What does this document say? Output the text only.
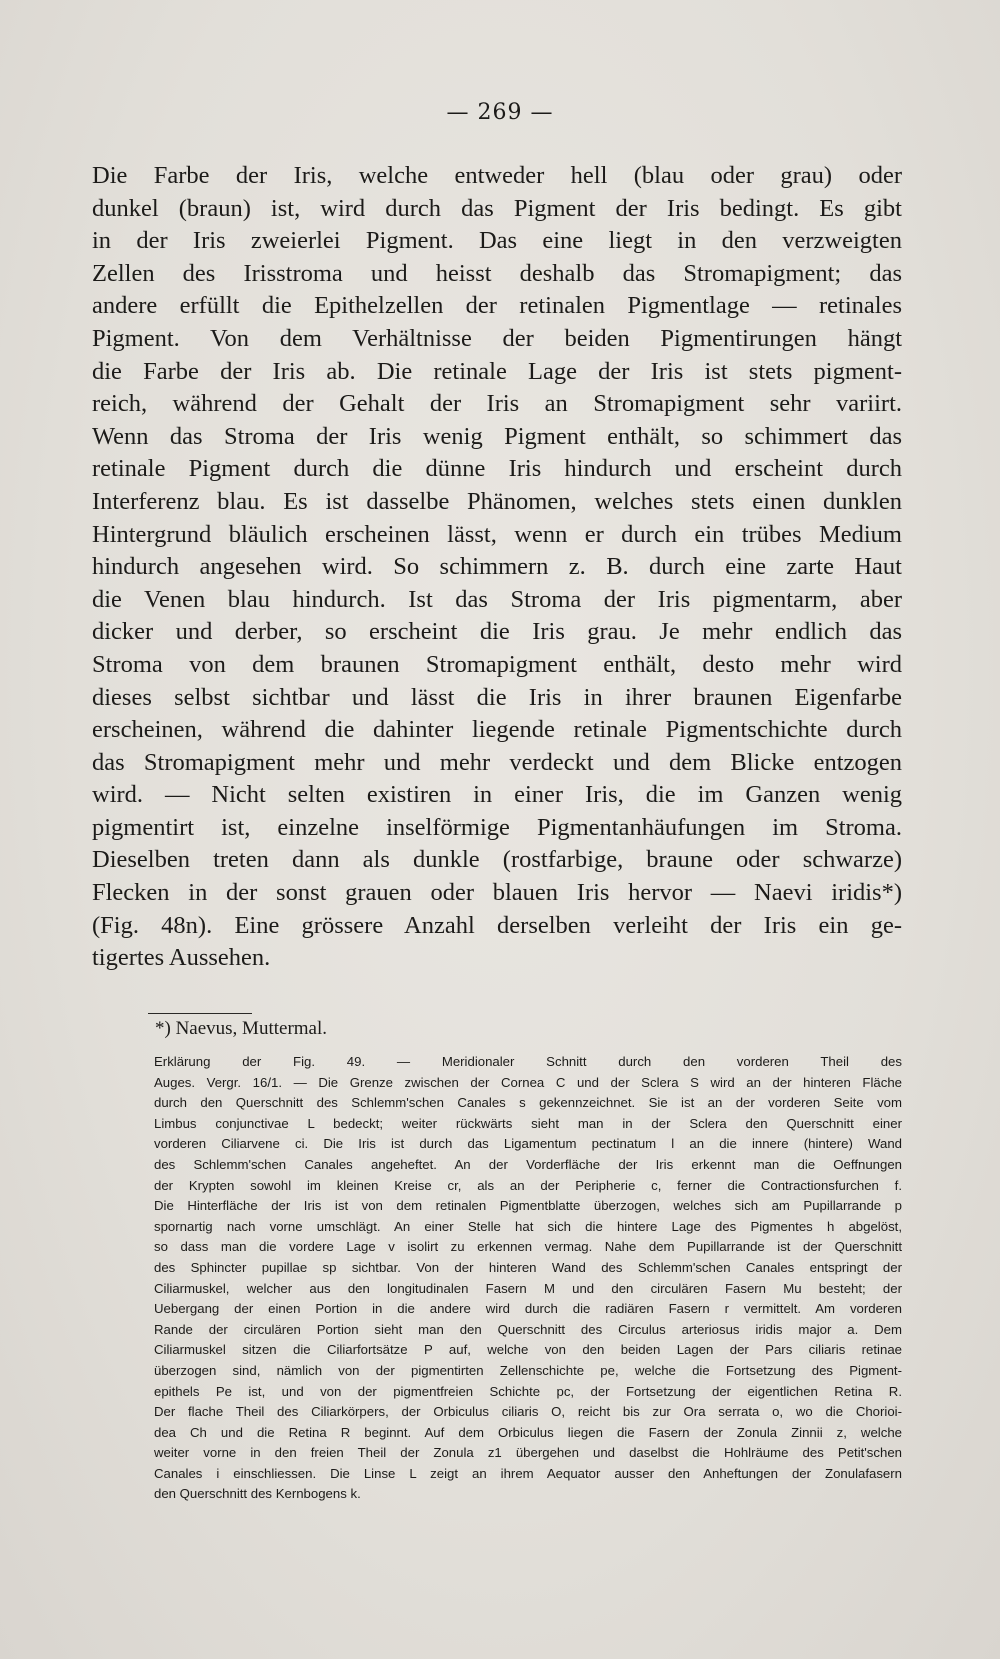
— 269 —
Die Farbe der Iris, welche entweder hell (blau oder grau) oder
dunkel (braun) ist, wird durch das Pigment der Iris bedingt. Es gibt
in der Iris zweierlei Pigment. Das eine liegt in den verzweigten
Zellen des Irisstroma und heisst deshalb das Stromapigment; das
andere erfüllt die Epithelzellen der retinalen Pigmentlage — retinales
Pigment. Von dem Verhältnisse der beiden Pigmentirungen hängt
die Farbe der Iris ab. Die retinale Lage der Iris ist stets pigment-
reich, während der Gehalt der Iris an Stromapigment sehr variirt.
Wenn das Stroma der Iris wenig Pigment enthält, so schimmert das
retinale Pigment durch die dünne Iris hindurch und erscheint durch
Interferenz blau. Es ist dasselbe Phänomen, welches stets einen dunklen
Hintergrund bläulich erscheinen lässt, wenn er durch ein trübes Medium
hindurch angesehen wird. So schimmern z. B. durch eine zarte Haut
die Venen blau hindurch. Ist das Stroma der Iris pigmentarm, aber
dicker und derber, so erscheint die Iris grau. Je mehr endlich das
Stroma von dem braunen Stromapigment enthält, desto mehr wird
dieses selbst sichtbar und lässt die Iris in ihrer braunen Eigenfarbe
erscheinen, während die dahinter liegende retinale Pigmentschichte durch
das Stromapigment mehr und mehr verdeckt und dem Blicke entzogen
wird. — Nicht selten existiren in einer Iris, die im Ganzen wenig
pigmentirt ist, einzelne inselförmige Pigmentanhäufungen im Stroma.
Dieselben treten dann als dunkle (rostfarbige, braune oder schwarze)
Flecken in der sonst grauen oder blauen Iris hervor — Naevi iridis*)
(Fig. 48n). Eine grössere Anzahl derselben verleiht der Iris ein ge-
tigertes Aussehen.
*) Naevus, Muttermal.
Erklärung der Fig. 49. — Meridionaler Schnitt durch den vorderen Theil des
Auges. Vergr. 16/1. — Die Grenze zwischen der Cornea C und der Sclera S wird an der hinteren Fläche
durch den Querschnitt des Schlemm'schen Canales s gekennzeichnet. Sie ist an der vorderen Seite vom
Limbus conjunctivae L bedeckt; weiter rückwärts sieht man in der Sclera den Querschnitt einer
vorderen Ciliarvene ci. Die Iris ist durch das Ligamentum pectinatum l an die innere (hintere) Wand
des Schlemm'schen Canales angeheftet. An der Vorderfläche der Iris erkennt man die Oeffnungen
der Krypten sowohl im kleinen Kreise cr, als an der Peripherie c, ferner die Contractionsfurchen f.
Die Hinterfläche der Iris ist von dem retinalen Pigmentblatte überzogen, welches sich am Pupillarrande p
spornartig nach vorne umschlägt. An einer Stelle hat sich die hintere Lage des Pigmentes h abgelöst,
so dass man die vordere Lage v isolirt zu erkennen vermag. Nahe dem Pupillarrande ist der Querschnitt
des Sphincter pupillae sp sichtbar. Von der hinteren Wand des Schlemm'schen Canales entspringt der
Ciliarmuskel, welcher aus den longitudinalen Fasern M und den circulären Fasern Mu besteht; der
Uebergang der einen Portion in die andere wird durch die radiären Fasern r vermittelt. Am vorderen
Rande der circulären Portion sieht man den Querschnitt des Circulus arteriosus iridis major a. Dem
Ciliarmuskel sitzen die Ciliarfortsätze P auf, welche von den beiden Lagen der Pars ciliaris retinae
überzogen sind, nämlich von der pigmentirten Zellenschichte pe, welche die Fortsetzung des Pigment-
epithels Pe ist, und von der pigmentfreien Schichte pc, der Fortsetzung der eigentlichen Retina R.
Der flache Theil des Ciliarkörpers, der Orbiculus ciliaris O, reicht bis zur Ora serrata o, wo die Chorioi-
dea Ch und die Retina R beginnt. Auf dem Orbiculus liegen die Fasern der Zonula Zinnii z, welche
weiter vorne in den freien Theil der Zonula z1 übergehen und daselbst die Hohlräume des Petit'schen
Canales i einschliessen. Die Linse L zeigt an ihrem Aequator ausser den Anheftungen der Zonulafasern
den Querschnitt des Kernbogens k.
